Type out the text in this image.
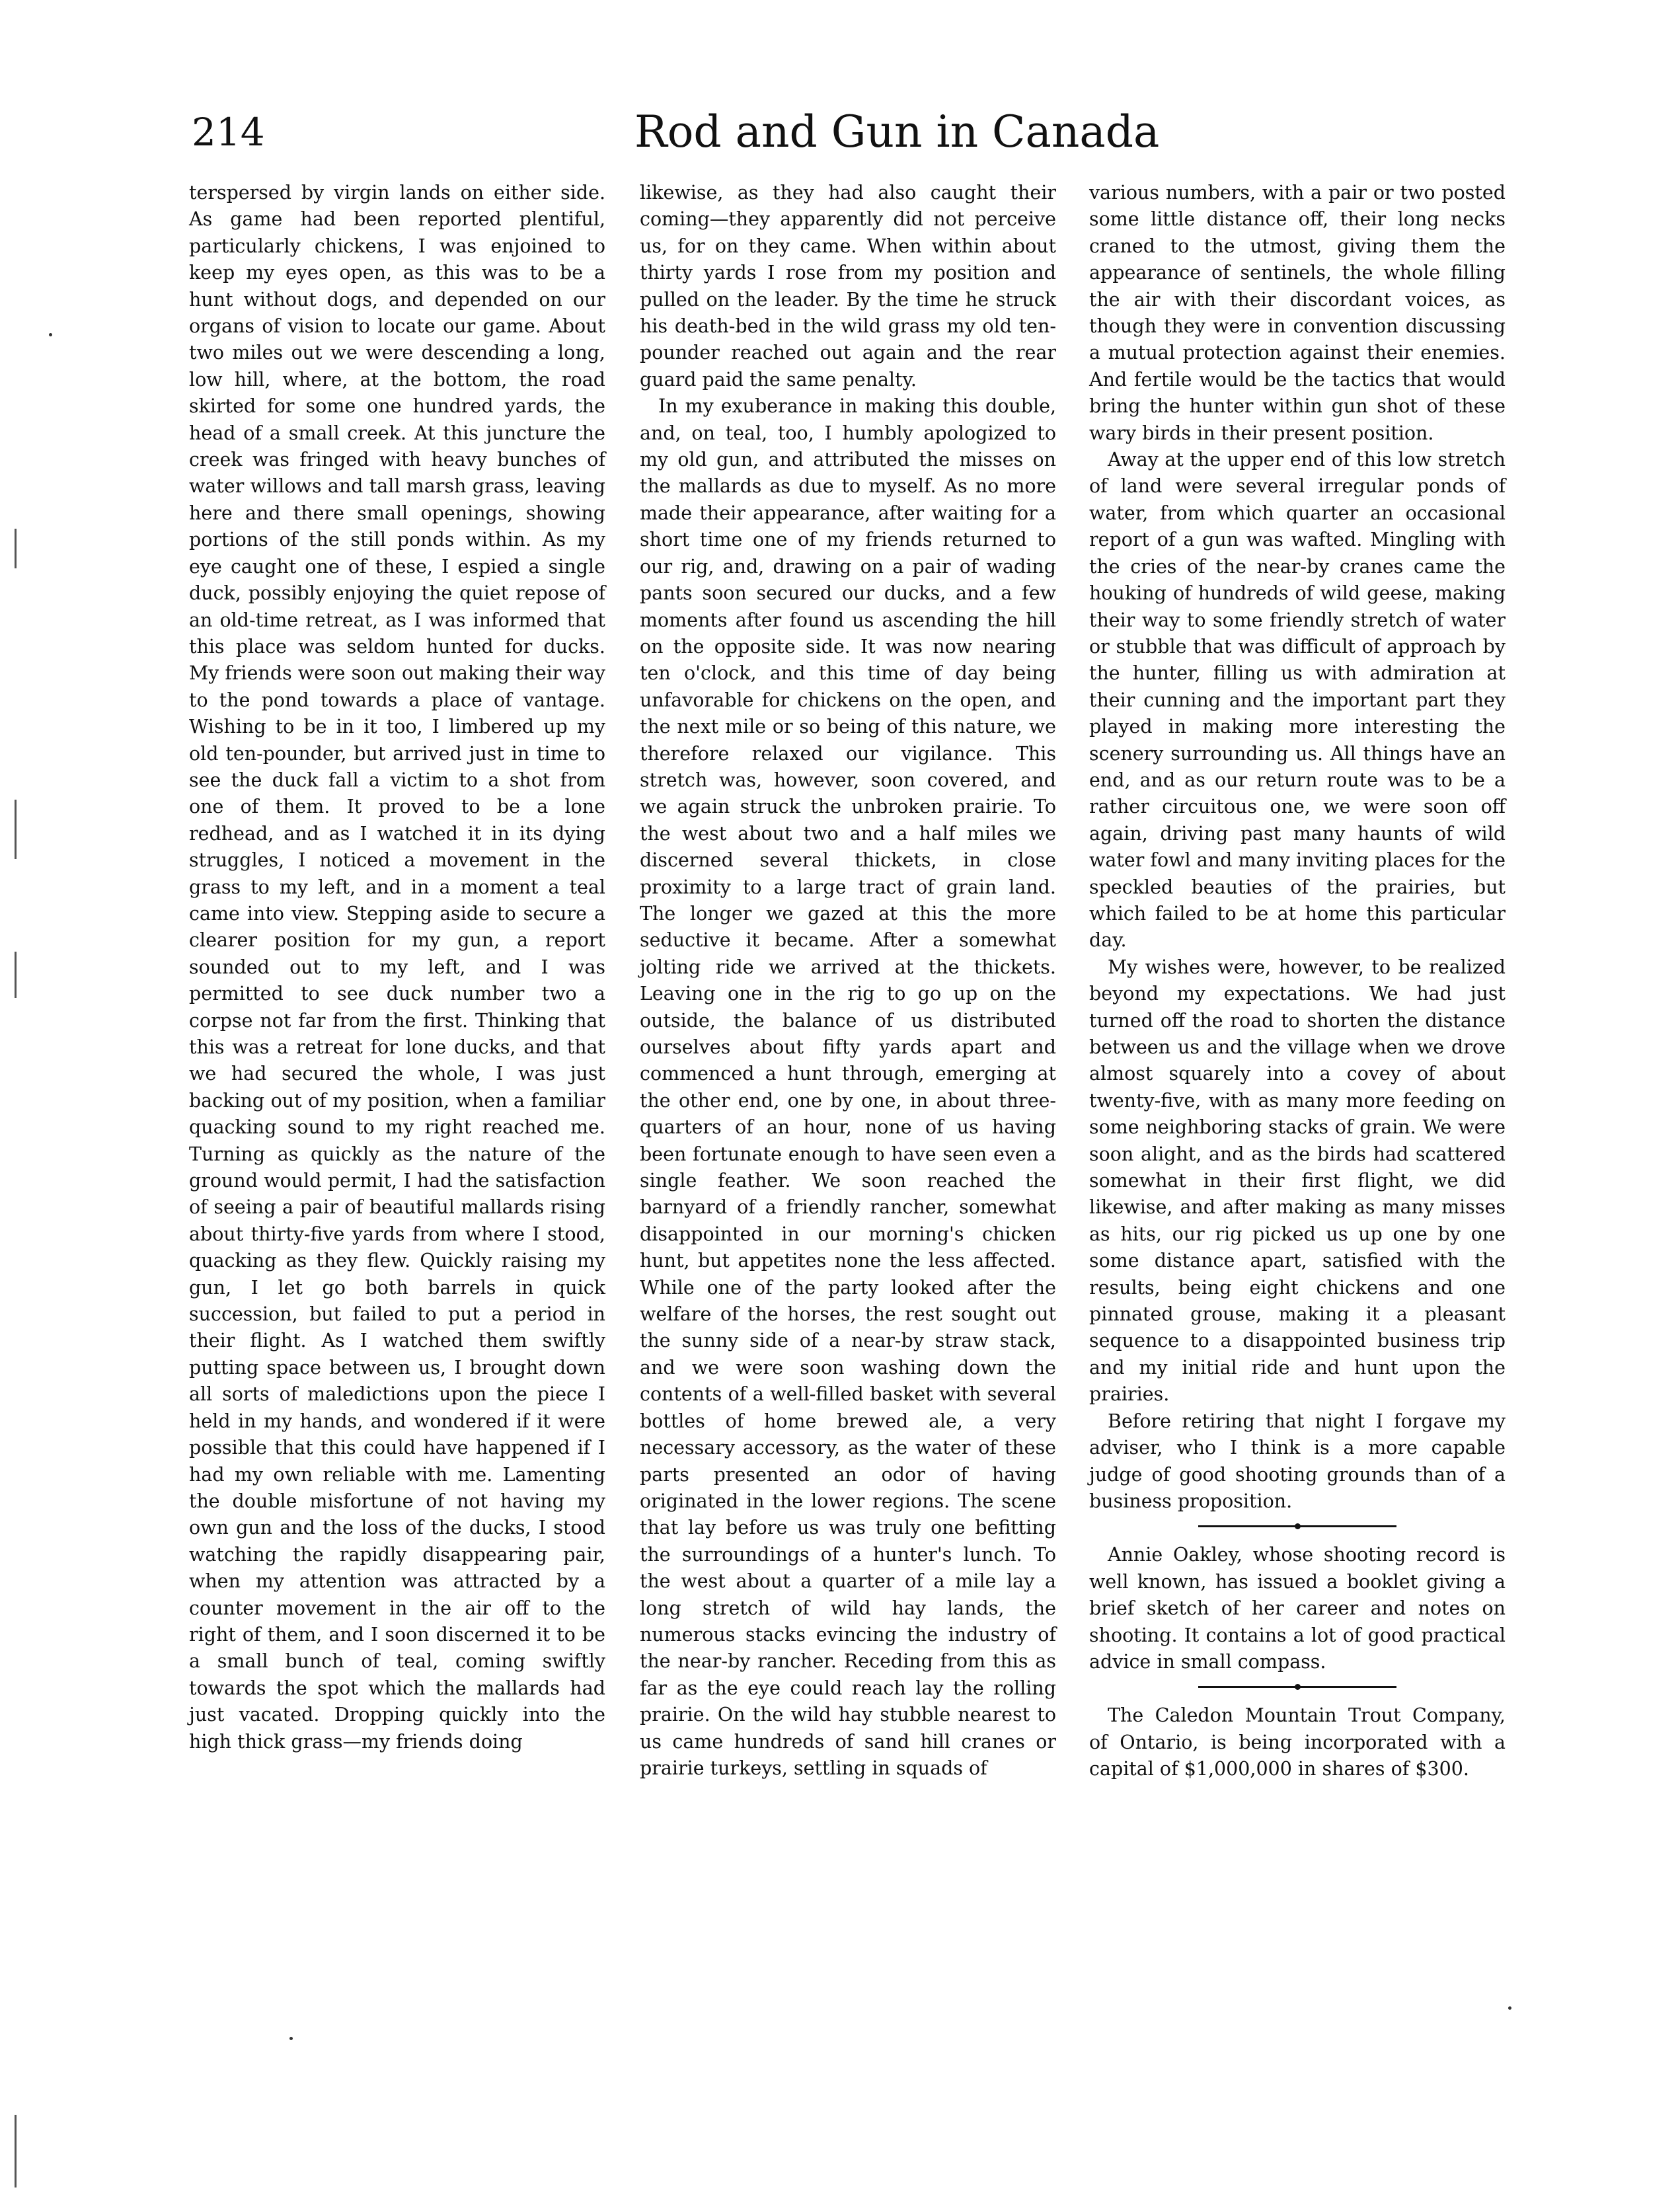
214	Rod and Gun in Canada

terspersed by virgin lands on either side. As game had been reported plentiful, particularly chickens, I was enjoined to keep my eyes open, as this was to be a hunt without dogs, and depended on our organs of vision to locate our game. About two miles out we were descending a long, low hill, where, at the bottom, the road skirted for some one hundred yards, the head of a small creek. At this juncture the creek was fringed with heavy bunches of water willows and tall marsh grass, leaving here and there small openings, showing portions of the still ponds within. As my eye caught one of these, I espied a single duck, possibly enjoying the quiet repose of an old-time retreat, as I was informed that this place was seldom hunted for ducks. My friends were soon out making their way to the pond towards a place of vantage. Wishing to be in it too, I limbered up my old ten-pounder, but arrived just in time to see the duck fall a victim to a shot from one of them. It proved to be a lone redhead, and as I watched it in its dying struggles, I noticed a movement in the grass to my left, and in a moment a teal came into view. Stepping aside to secure a clearer position for my gun, a report sounded out to my left, and I was permitted to see duck number two a corpse not far from the first. Thinking that this was a retreat for lone ducks, and that we had secured the whole, I was just backing out of my position, when a familiar quacking sound to my right reached me. Turning as quickly as the nature of the ground would permit, I had the satisfaction of seeing a pair of beautiful mallards rising about thirty-five yards from where I stood, quacking as they flew. Quickly raising my gun, I let go both barrels in quick succession, but failed to put a period in their flight. As I watched them swiftly putting space between us, I brought down all sorts of maledictions upon the piece I held in my hands, and wondered if it were possible that this could have happened if I had my own reliable with me. Lamenting the double misfortune of not having my own gun and the loss of the ducks, I stood watching the rapidly disappearing pair, when my attention was attracted by a counter movement in the air off to the right of them, and I soon discerned it to be a small bunch of teal, coming swiftly towards the spot which the mallards had just vacated. Dropping quickly into the high thick grass—my friends doing

likewise, as they had also caught their coming—they apparently did not perceive us, for on they came. When within about thirty yards I rose from my position and pulled on the leader. By the time he struck his death-bed in the wild grass my old ten-pounder reached out again and the rear guard paid the same penalty.

In my exuberance in making this double, and, on teal, too, I humbly apologized to my old gun, and attributed the misses on the mallards as due to myself. As no more made their appearance, after waiting for a short time one of my friends returned to our rig, and, drawing on a pair of wading pants soon secured our ducks, and a few moments after found us ascending the hill on the opposite side. It was now nearing ten o'clock, and this time of day being unfavorable for chickens on the open, and the next mile or so being of this nature, we therefore relaxed our vigilance. This stretch was, however, soon covered, and we again struck the unbroken prairie. To the west about two and a half miles we discerned several thickets, in close proximity to a large tract of grain land. The longer we gazed at this the more seductive it became. After a somewhat jolting ride we arrived at the thickets. Leaving one in the rig to go up on the outside, the balance of us distributed ourselves about fifty yards apart and commenced a hunt through, emerging at the other end, one by one, in about three-quarters of an hour, none of us having been fortunate enough to have seen even a single feather. We soon reached the barnyard of a friendly rancher, somewhat disappointed in our morning's chicken hunt, but appetites none the less affected. While one of the party looked after the welfare of the horses, the rest sought out the sunny side of a near-by straw stack, and we were soon washing down the contents of a well-filled basket with several bottles of home brewed ale, a very necessary accessory, as the water of these parts presented an odor of having originated in the lower regions. The scene that lay before us was truly one befitting the surroundings of a hunter's lunch. To the west about a quarter of a mile lay a long stretch of wild hay lands, the numerous stacks evincing the industry of the near-by rancher. Receding from this as far as the eye could reach lay the rolling prairie. On the wild hay stubble nearest to us came hundreds of sand hill cranes or prairie turkeys, settling in squads of

various numbers, with a pair or two posted some little distance off, their long necks craned to the utmost, giving them the appearance of sentinels, the whole filling the air with their discordant voices, as though they were in convention discussing a mutual protection against their enemies. And fertile would be the tactics that would bring the hunter within gun shot of these wary birds in their present position.

Away at the upper end of this low stretch of land were several irregular ponds of water, from which quarter an occasional report of a gun was wafted. Mingling with the cries of the near-by cranes came the houking of hundreds of wild geese, making their way to some friendly stretch of water or stubble that was difficult of approach by the hunter, filling us with admiration at their cunning and the important part they played in making more interesting the scenery surrounding us. All things have an end, and as our return route was to be a rather circuitous one, we were soon off again, driving past many haunts of wild water fowl and many inviting places for the speckled beauties of the prairies, but which failed to be at home this particular day.

My wishes were, however, to be realized beyond my expectations. We had just turned off the road to shorten the distance between us and the village when we drove almost squarely into a covey of about twenty-five, with as many more feeding on some neighboring stacks of grain. We were soon alight, and as the birds had scattered somewhat in their first flight, we did likewise, and after making as many misses as hits, our rig picked us up one by one some distance apart, satisfied with the results, being eight chickens and one pinnated grouse, making it a pleasant sequence to a disappointed business trip and my initial ride and hunt upon the prairies.

Before retiring that night I forgave my adviser, who I think is a more capable judge of good shooting grounds than of a business proposition.

Annie Oakley, whose shooting record is well known, has issued a booklet giving a brief sketch of her career and notes on shooting. It contains a lot of good practical advice in small compass.

The Caledon Mountain Trout Company, of Ontario, is being incorporated with a capital of $1,000,000 in shares of $300.
